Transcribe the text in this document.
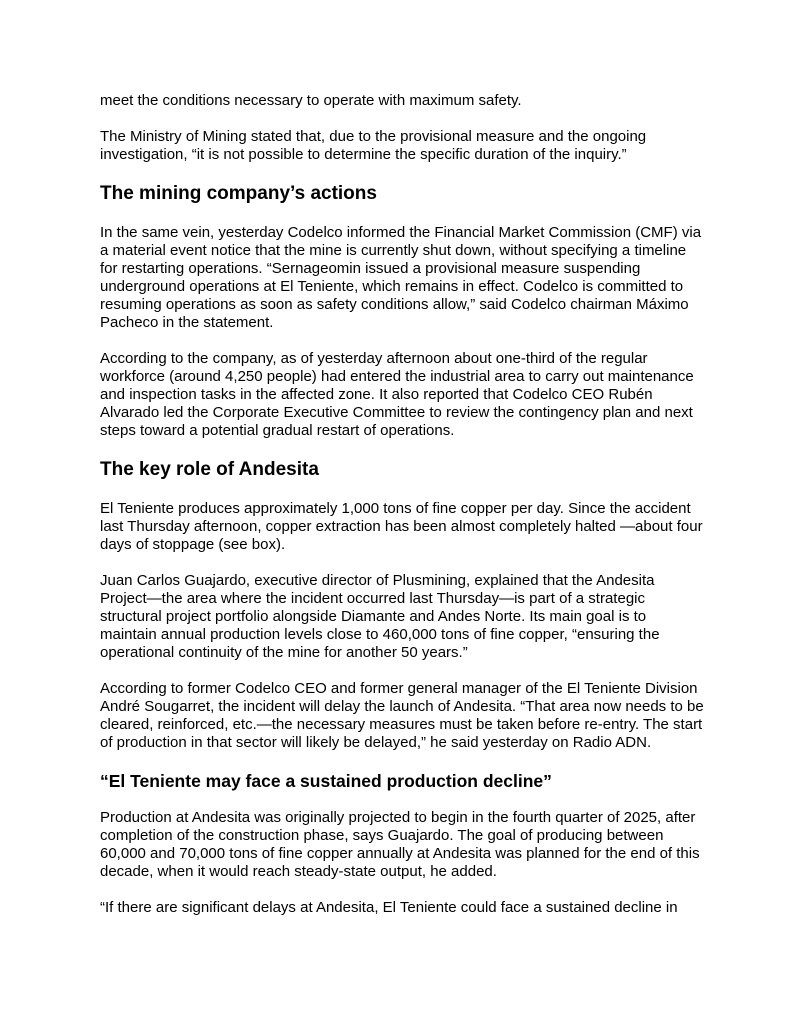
meet the conditions necessary to operate with maximum safety.

The Ministry of Mining stated that, due to the provisional measure and the ongoing investigation, “it is not possible to determine the specific duration of the inquiry.”

The mining company’s actions

In the same vein, yesterday Codelco informed the Financial Market Commission (CMF) via a material event notice that the mine is currently shut down, without specifying a timeline for restarting operations. “Sernageomin issued a provisional measure suspending underground operations at El Teniente, which remains in effect. Codelco is committed to resuming operations as soon as safety conditions allow,” said Codelco chairman Máximo Pacheco in the statement.

According to the company, as of yesterday afternoon about one-third of the regular workforce (around 4,250 people) had entered the industrial area to carry out maintenance and inspection tasks in the affected zone. It also reported that Codelco CEO Rubén Alvarado led the Corporate Executive Committee to review the contingency plan and next steps toward a potential gradual restart of operations.

The key role of Andesita

El Teniente produces approximately 1,000 tons of fine copper per day. Since the accident last Thursday afternoon, copper extraction has been almost completely halted —about four days of stoppage (see box).

Juan Carlos Guajardo, executive director of Plusmining, explained that the Andesita Project—the area where the incident occurred last Thursday—is part of a strategic structural project portfolio alongside Diamante and Andes Norte. Its main goal is to maintain annual production levels close to 460,000 tons of fine copper, “ensuring the operational continuity of the mine for another 50 years.”

According to former Codelco CEO and former general manager of the El Teniente Division André Sougarret, the incident will delay the launch of Andesita. “That area now needs to be cleared, reinforced, etc.—the necessary measures must be taken before re-entry. The start of production in that sector will likely be delayed,” he said yesterday on Radio ADN.

“El Teniente may face a sustained production decline”

Production at Andesita was originally projected to begin in the fourth quarter of 2025, after completion of the construction phase, says Guajardo. The goal of producing between 60,000 and 70,000 tons of fine copper annually at Andesita was planned for the end of this decade, when it would reach steady-state output, he added.

“If there are significant delays at Andesita, El Teniente could face a sustained decline in
